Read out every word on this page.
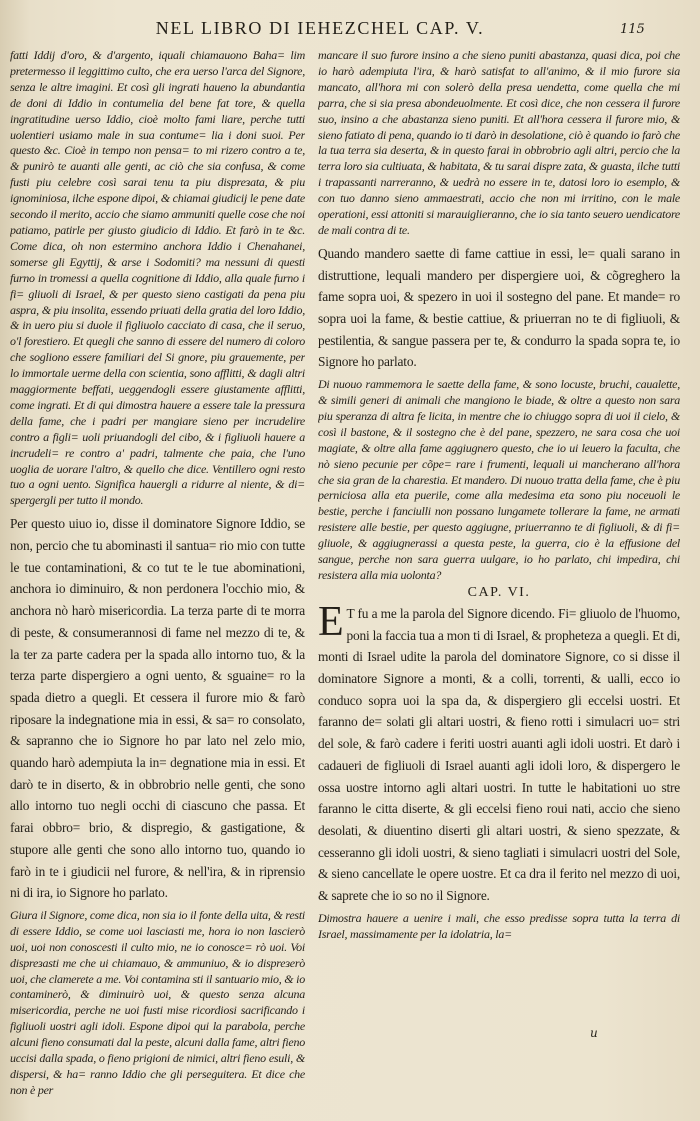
NEL LIBRO DI IEHEZCHEL CAP. V.	115

fatti Iddij d'oro, & d'argento, iquali chiamauono Baha= lim pretermesso il leggittimo culto, che era uerso l'arca del Signore, senza le altre imagini. Et così gli ingrati haueno la abundantia de doni di Iddio in contumelia del bene fat tore, & quella ingratitudine uerso Iddio, cioè molto fami liare, perche tutti uolentieri usiamo male in sua contume= lia i doni suoi. Per questo &c. Cioè in tempo non pensa= to mi rizero contro a te, & punirò te auanti alle genti, ac ciò che sia confusa, & come fusti piu celebre così sarai tenu ta piu dispreзata, & piu ignominiosa, ilche espone dipoi, & chiamai giudicij le pene date secondo il merito, accio che siamo ammuniti quelle cose che noi patiamo, patirle per giusto giudicio di Iddio. Et farò in te &c. Come dica, oh non estermino anchora Iddio i Chenahanei, somerse gli Egyttij, & arse i Sodomiti? ma nessuni di questi furno in tromessi a quella cognitione di Iddio, alla quale furno i fi= gliuoli di Israel, & per questo sieno castigati da pena piu aspra, & piu insolita, essendo priuati della gratia del loro Iddio, & in uero piu si duole il figliuolo cacciato di casa, che il seruo, o'l forestiero. Et quegli che sanno di essere del numero di coloro che sogliono essere familiari del Si gnore, piu grauemente, per lo immortale uerme della con scientia, sono afflitti, & dagli altri maggiormente beffati, ueggendogli essere giustamente afflitti, come ingrati. Et di qui dimostra hauere a essere tale la pressura della fame, che i padri per mangiare sieno per incrudelire contro a figli= uoli priuandogli del cibo, & i figliuoli hauere a incrudeli= re contro a' padri, talmente che paia, che l'uno uoglia de uorare l'altro, & quello che dice. Ventillero ogni resto tuo a ogni uento. Significa hauergli a ridurre al niente, & di= spergergli per tutto il mondo.

Per questo uiuo io, disse il dominatore Signore Iddio, se non, percio che tu abominasti il santua= rio mio con tutte le tue contaminationi, & co tut te le tue abominationi, anchora io diminuiro, & non perdonera l'occhio mio, & anchora nò harò misericordia. La terza parte di te morra di peste, & consumerannosi di fame nel mezzo di te, & la ter za parte cadera per la spada allo intorno tuo, & la terza parte dispergiero a ogni uento, & sguaine= ro la spada dietro a quegli. Et cessera il furore mio & farò riposare la indegnatione mia in essi, & sa= ro consolato, & sapranno che io Signore ho par lato nel zelo mio, quando harò adempiuta la in= degnatione mia in essi. Et darò te in diserto, & in obbrobrio nelle genti, che sono allo intorno tuo negli occhi di ciascuno che passa. Et farai obbro= brio, & dispregio, & gastigatione, & stupore alle genti che sono allo intorno tuo, quando io farò in te i giudicii nel furore, & nell'ira, & in riprensio ni di ira, io Signore ho parlato.

Giura il Signore, come dica, non sia io il fonte della uita, & resti di essere Iddio, se come uoi lasciasti me, hora io non lascierò uoi, uoi non conoscesti il culto mio, ne io conosce= rò uoi. Voi dispreзasti me che ui chiamauo, & ammuniuo, & io dispreзerò uoi, che clamerete a me. Voi contamina sti il santuario mio, & io contaminerò, & diminuirò uoi, & questo senza alcuna misericordia, perche ne uoi fusti mise ricordiosi sacrificando i figliuoli uostri agli idoli. Espone dipoi qui la parabola, perche alcuni fieno consumati dal la peste, alcuni dalla fame, altri fieno uccisi dalla spada, o fieno prigioni de nimici, altri fieno esuli, & dispersi, & ha= ranno Iddio che gli perseguitera. Et dice che non è per

mancare il suo furore insino a che sieno puniti abastanza, quasi dica, poi che io harò adempiuta l'ira, & harò satisfat to all'animo, & il mio furore sia mancato, all'hora mi con solerò della presa uendetta, come quella che mi parra, che si sia presa abondeuolmente. Et così dice, che non cessera il furore suo, insino a che abastanza sieno puniti. Et all'hora cessera il furore mio, & sieno fatiato di pena, quando io ti darò in desolatione, ciò è quando io farò che la tua terra sia deserta, & in questo farai in obbrobrio agli altri, percio che la terra loro sia cultiuata, & habitata, & tu sarai dispre zata, & guasta, ilche tutti i trapassanti narreranno, & uedrà no essere in te, datosi loro io esemplo, & con tuo danno sieno ammaestrati, accio che non mi irritino, con le male operationi, essi attoniti si marauiglieranno, che io sia tanto seuero uendicatore de mali contra di te.

Quando mandero saette di fame cattiue in essi, le= quali sarano in distruttione, lequali mandero per dispergiere uoi, & cõgreghero la fame sopra uoi, & spezero in uoi il sostegno del pane. Et mande= ro sopra uoi la fame, & bestie cattiue, & priuerran no te di figliuoli, & pestilentia, & sangue passera per te, & condurro la spada sopra te, io Signore ho parlato.

Di nuouo rammemora le saette della fame, & sono locuste, bruchi, caualette, & simili generi di animali che mangiono le biade, & oltre a questo non sara piu speranza di altra fe licita, in mentre che io chiuggo sopra di uoi il cielo, & così il bastone, & il sostegno che è del pane, spezzero, ne sara cosa che uoi magiate, & oltre alla fame aggiugnero questo, che io ui leuero la faculta, che nò sieno pecunie per cõpe= rare i frumenti, lequali ui mancherano all'hora che sia gran de la charestia. Et mandero. Di nuouo tratta della fame, che è piu perniciosa alla eta puerile, come alla medesima eta sono piu noceuoli le bestie, perche i fanciulli non possano lungamete tollerare la fame, ne armati resistere alle bestie, per questo aggiugne, priuerranno te di figliuoli, & di fi= gliuole, & aggiugnerassi a questa peste, la guerra, cio è la effusione del sangue, perche non sara guerra uulgare, io ho parlato, chi impedira, chi resistera alla mia uolonta?

CAP. VI.

E T fu a me la parola del Signore dicendo. Fi= gliuolo de l'huomo, poni la faccia tua a mon ti di Israel, & propheteza a quegli. Et di, monti di Israel udite la parola del dominatore Signore, co si disse il dominatore Signore a monti, & a colli, torrenti, & ualli, ecco io conduco sopra uoi la spa da, & dispergiero gli eccelsi uostri. Et faranno de= solati gli altari uostri, & fieno rotti i simulacri uo= stri del sole, & farò cadere i feriti uostri auanti agli idoli uostri. Et darò i cadaueri de figliuoli di Israel auanti agli idoli loro, & dispergero le ossa uostre intorno agli altari uostri. In tutte le habitationi uo stre faranno le citta diserte, & gli eccelsi fieno roui nati, accio che sieno desolati, & diuentino diserti gli altari uostri, & sieno spezzate, & cesseranno gli idoli uostri, & sieno tagliati i simulacri uostri del Sole, & sieno cancellate le opere uostre. Et ca dra il ferito nel mezzo di uoi, & saprete che io so no il Signore.

Dimostra hauere a uenire i mali, che esso predisse sopra tutta la terra di Israel, massimamente per la idolatria, la=

u
